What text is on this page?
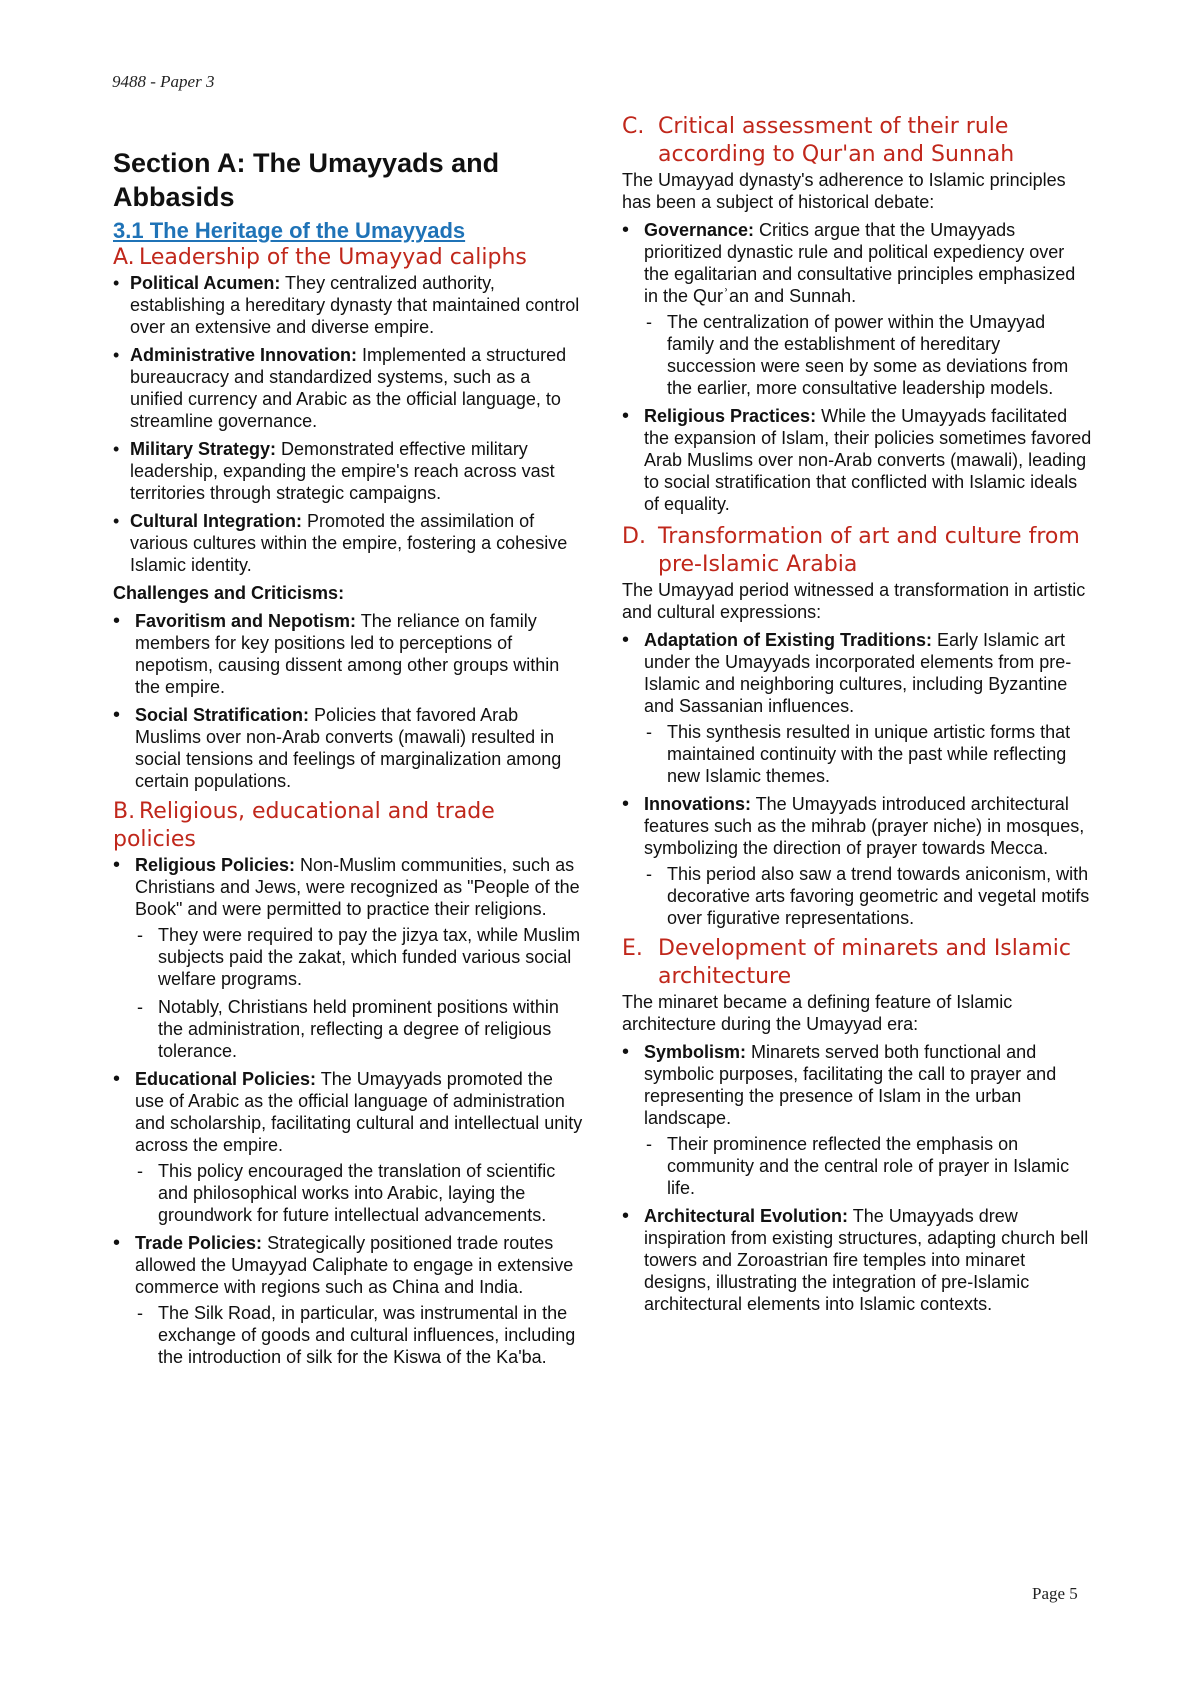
9488 - Paper 3
Section A: The Umayyads and Abbasids
3.1 The Heritage of the Umayyads
A. Leadership of the Umayyad caliphs
• Political Acumen: They centralized authority, establishing a hereditary dynasty that maintained control over an extensive and diverse empire.
• Administrative Innovation: Implemented a structured bureaucracy and standardized systems, such as a unified currency and Arabic as the official language, to streamline governance.
• Military Strategy: Demonstrated effective military leadership, expanding the empire's reach across vast territories through strategic campaigns.
• Cultural Integration: Promoted the assimilation of various cultures within the empire, fostering a cohesive Islamic identity.
Challenges and Criticisms:
• Favoritism and Nepotism: The reliance on family members for key positions led to perceptions of nepotism, causing dissent among other groups within the empire.
• Social Stratification: Policies that favored Arab Muslims over non-Arab converts (mawali) resulted in social tensions and feelings of marginalization among certain populations.
B. Religious, educational and trade policies
• Religious Policies: Non-Muslim communities, such as Christians and Jews, were recognized as "People of the Book" and were permitted to practice their religions.
- They were required to pay the jizya tax, while Muslim subjects paid the zakat, which funded various social welfare programs.
- Notably, Christians held prominent positions within the administration, reflecting a degree of religious tolerance.
• Educational Policies: The Umayyads promoted the use of Arabic as the official language of administration and scholarship, facilitating cultural and intellectual unity across the empire.
- This policy encouraged the translation of scientific and philosophical works into Arabic, laying the groundwork for future intellectual advancements.
• Trade Policies: Strategically positioned trade routes allowed the Umayyad Caliphate to engage in extensive commerce with regions such as China and India.
- The Silk Road, in particular, was instrumental in the exchange of goods and cultural influences, including the introduction of silk for the Kiswa of the Ka'ba.
C. Critical assessment of their rule according to Qur'an and Sunnah

The Umayyad dynasty's adherence to Islamic principles has been a subject of historical debate:

• Governance: Critics argue that the Umayyads prioritized dynastic rule and political expediency over the egalitarian and consultative principles emphasized in the Qurʾan and Sunnah.
- The centralization of power within the Umayyad family and the establishment of hereditary succession were seen by some as deviations from the earlier, more consultative leadership models.
• Religious Practices: While the Umayyads facilitated the expansion of Islam, their policies sometimes favored Arab Muslims over non-Arab converts (mawali), leading to social stratification that conflicted with Islamic ideals of equality.
D. Transformation of art and culture from pre-Islamic Arabia

The Umayyad period witnessed a transformation in artistic and cultural expressions:

• Adaptation of Existing Traditions: Early Islamic art under the Umayyads incorporated elements from pre-Islamic and neighboring cultures, including Byzantine and Sassanian influences.
- This synthesis resulted in unique artistic forms that maintained continuity with the past while reflecting new Islamic themes.
• Innovations: The Umayyads introduced architectural features such as the mihrab (prayer niche) in mosques, symbolizing the direction of prayer towards Mecca.
- This period also saw a trend towards aniconism, with decorative arts favoring geometric and vegetal motifs over figurative representations.
E. Development of minarets and Islamic architecture

The minaret became a defining feature of Islamic architecture during the Umayyad era:

• Symbolism: Minarets served both functional and symbolic purposes, facilitating the call to prayer and representing the presence of Islam in the urban landscape.
- Their prominence reflected the emphasis on community and the central role of prayer in Islamic life.
• Architectural Evolution: The Umayyads drew inspiration from existing structures, adapting church bell towers and Zoroastrian fire temples into minaret designs, illustrating the integration of pre-Islamic architectural elements into Islamic contexts.
Page 5
